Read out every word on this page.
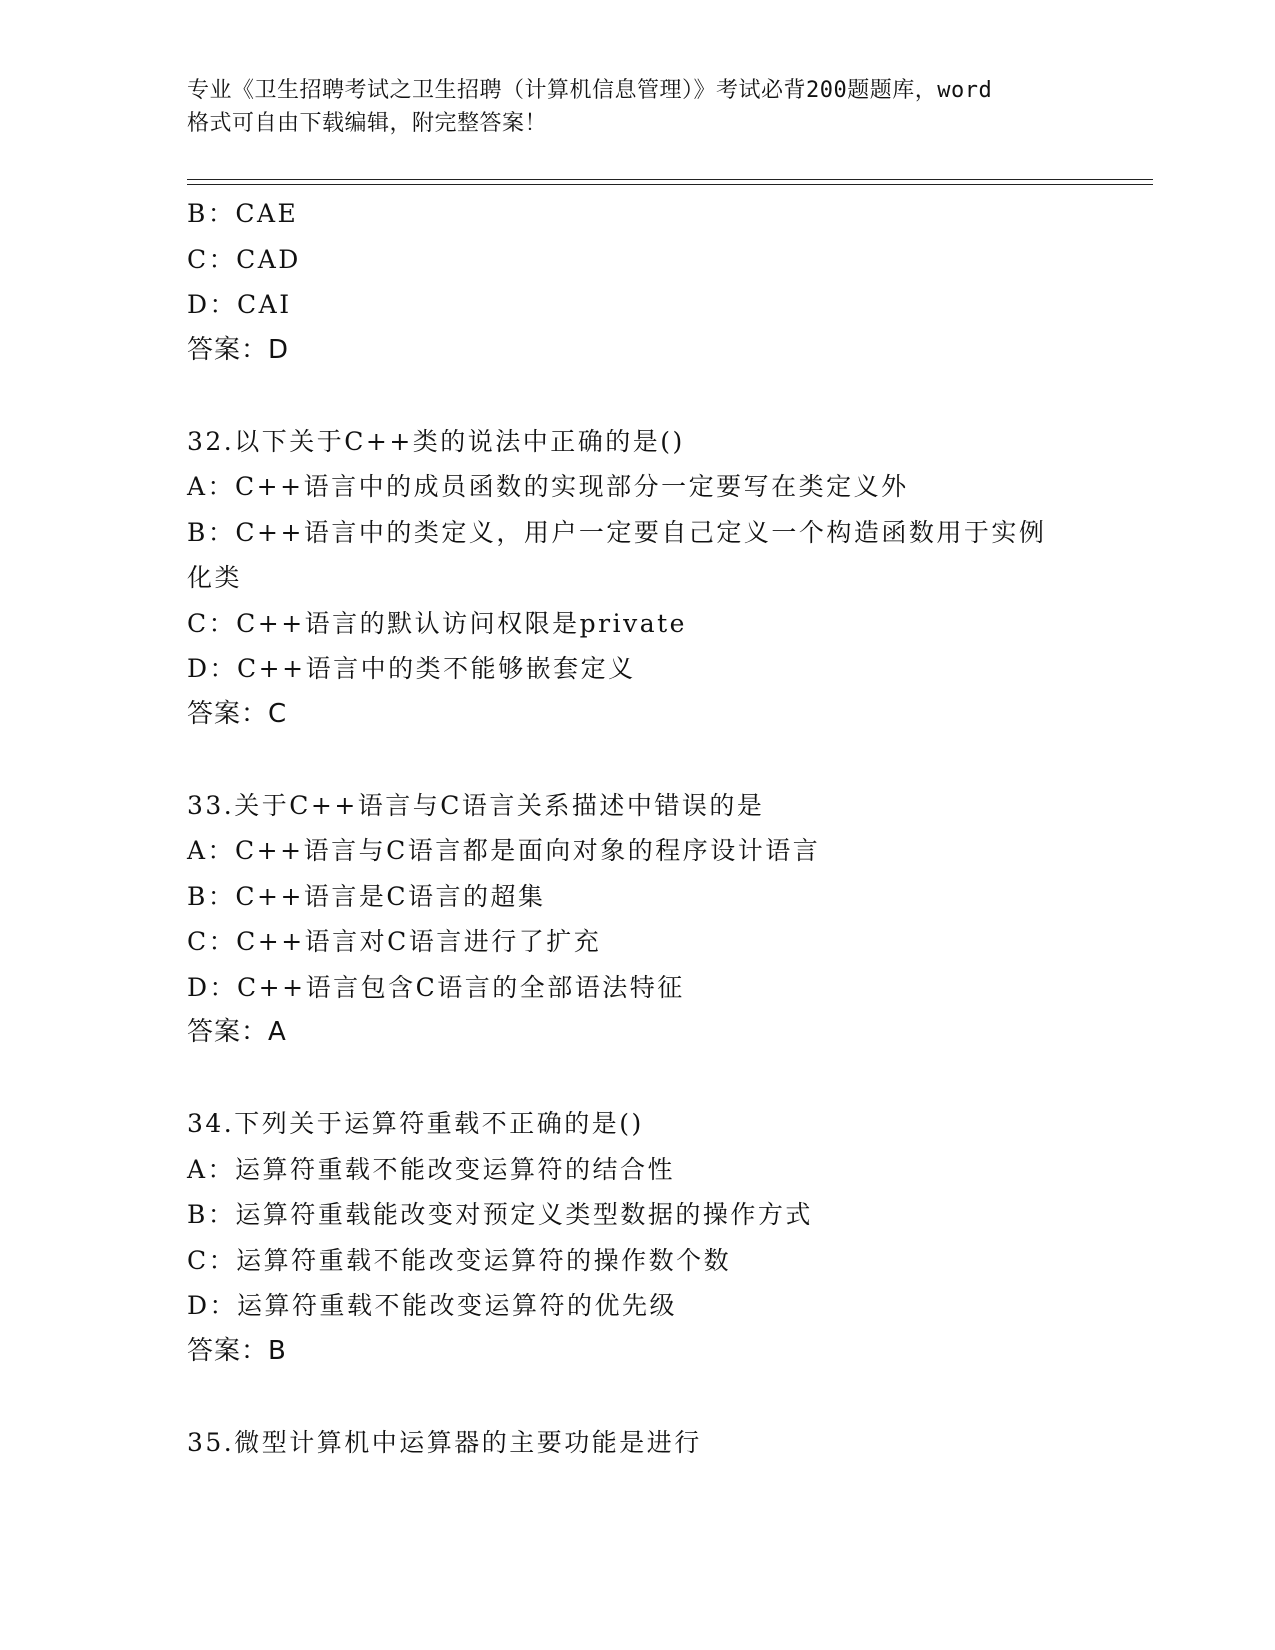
专业《卫生招聘考试之卫生招聘（计算机信息管理）》考试必背200题题库，word
格式可自由下载编辑，附完整答案！
B：CAE
C：CAD
D：CAI
答案：D
32.以下关于C++类的说法中正确的是()
A：C++语言中的成员函数的实现部分一定要写在类定义外
B：C++语言中的类定义，用户一定要自己定义一个构造函数用于实例
化类
C：C++语言的默认访问权限是private
D：C++语言中的类不能够嵌套定义
答案：C
33.关于C++语言与C语言关系描述中错误的是
A：C++语言与C语言都是面向对象的程序设计语言
B：C++语言是C语言的超集
C：C++语言对C语言进行了扩充
D：C++语言包含C语言的全部语法特征
答案：A
34.下列关于运算符重载不正确的是()
A：运算符重载不能改变运算符的结合性
B：运算符重载能改变对预定义类型数据的操作方式
C：运算符重载不能改变运算符的操作数个数
D：运算符重载不能改变运算符的优先级
答案：B
35.微型计算机中运算器的主要功能是进行
